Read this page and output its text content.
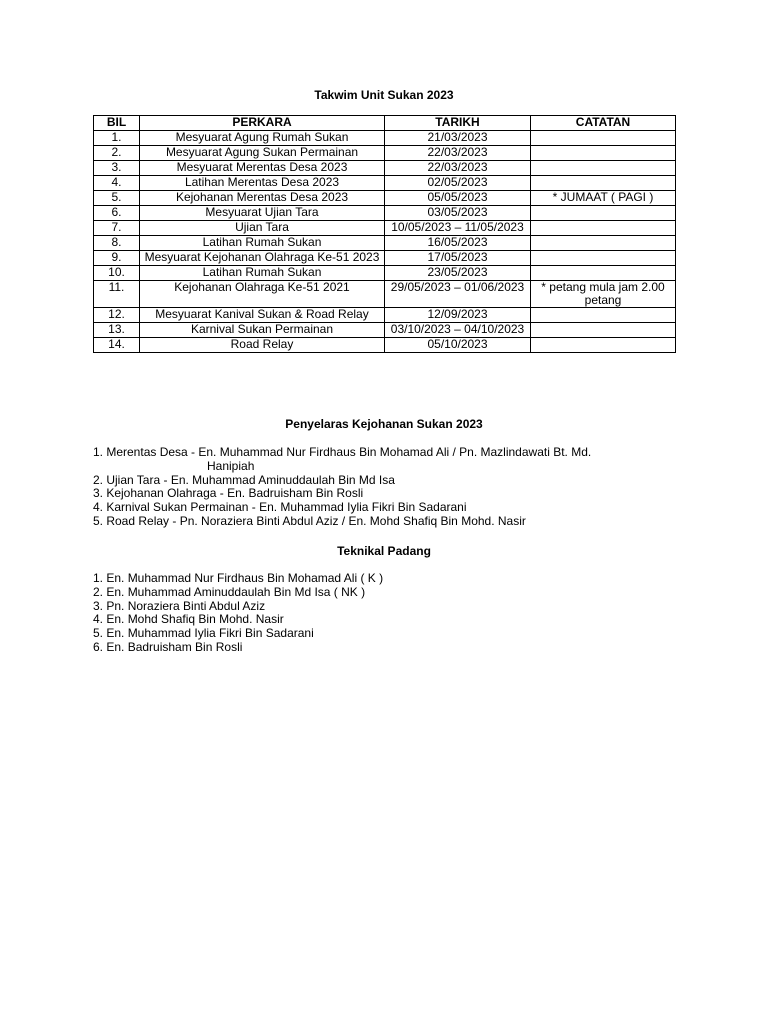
Takwim Unit Sukan 2023
BIL	PERKARA	TARIKH	CATATAN
1.	Mesyuarat Agung Rumah Sukan	21/03/2023	
2.	Mesyuarat Agung Sukan Permainan	22/03/2023	
3.	Mesyuarat Merentas Desa 2023	22/03/2023	
4.	Latihan Merentas Desa 2023	02/05/2023	
5.	Kejohanan Merentas Desa 2023	05/05/2023	* JUMAAT ( PAGI )
6.	Mesyuarat Ujian Tara	03/05/2023	
7.	Ujian Tara	10/05/2023 – 11/05/2023	
8.	Latihan Rumah Sukan	16/05/2023	
9.	Mesyuarat Kejohanan Olahraga Ke-51 2023	17/05/2023	
10.	Latihan Rumah Sukan	23/05/2023	
11.	Kejohanan Olahraga Ke-51 2021	29/05/2023 – 01/06/2023	* petang mula jam 2.00 petang
12.	Mesyuarat Kanival Sukan & Road Relay	12/09/2023	
13.	Karnival Sukan Permainan	03/10/2023 – 04/10/2023	
14.	Road Relay	05/10/2023	
Penyelaras Kejohanan Sukan 2023
1. Merentas Desa - En. Muhammad Nur Firdhaus Bin Mohamad Ali / Pn. Mazlindawati Bt. Md.
Hanipiah
2. Ujian Tara - En. Muhammad Aminuddaulah Bin Md Isa
3. Kejohanan Olahraga - En. Badruisham Bin Rosli
4. Karnival Sukan Permainan - En. Muhammad Iylia Fikri Bin Sadarani
5. Road Relay - Pn. Noraziera Binti Abdul Aziz / En. Mohd Shafiq Bin Mohd. Nasir
Teknikal Padang
1. En. Muhammad Nur Firdhaus Bin Mohamad Ali ( K )
2. En. Muhammad Aminuddaulah Bin Md Isa ( NK )
3. Pn. Noraziera Binti Abdul Aziz
4. En. Mohd Shafiq Bin Mohd. Nasir
5. En. Muhammad Iylia Fikri Bin Sadarani
6. En. Badruisham Bin Rosli
